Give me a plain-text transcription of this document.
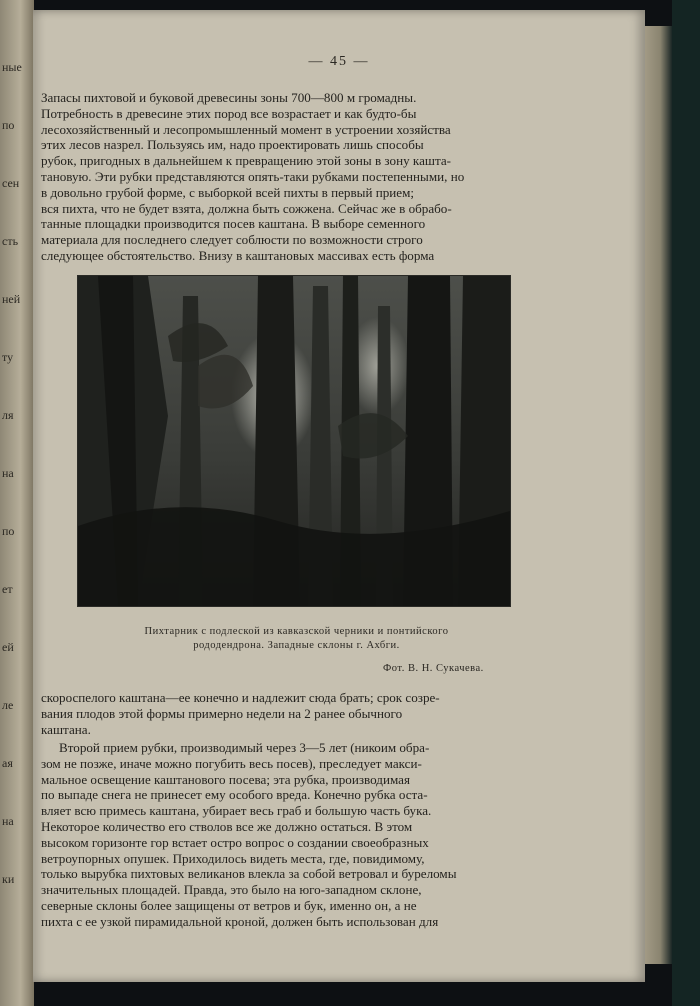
ные
по
сен
сть
ней
ту
ля
на
по
ет
ей
ле
ая
на
ки
— 45 —
Запасы пихтовой и буковой древесины зоны 700—800 м громадны.
Потребность в древесине этих пород все возрастает и как будто-бы
лесохозяйственный и лесопромышленный момент в устроении хозяйства
этих лесов назрел. Пользуясь им, надо проектировать лишь способы
рубок, пригодных в дальнейшем к превращению этой зоны в зону кашта-
тановую. Эти рубки представляются опять-таки рубками постепенными, но
в довольно грубой форме, с выборкой всей пихты в первый прием;
вся пихта, что не будет взята, должна быть сожжена. Сейчас же в обрабо-
танные площадки производится посев каштана. В выборе семенного
материала для последнего следует соблюсти по возможности строго
следующее обстоятельство. Внизу в каштановых массивах есть форма
Пихтарник с подлеской из кавказской черники и понтийского
рододендрона. Западные склоны г. Ахбги.
Фот. В. Н. Сукачева.
скороспелого каштана—ее конечно и надлежит сюда брать; срок созре-
вания плодов этой формы примерно недели на 2 ранее обычного
каштана.
Второй прием рубки, производимый через 3—5 лет (никоим обра-
зом не позже, иначе можно погубить весь посев), преследует макси-
мальное освещение каштанового посева; эта рубка, производимая
по выпаде снега не принесет ему особого вреда. Конечно рубка оста-
вляет всю примесь каштана, убирает весь граб и большую часть бука.
Некоторое количество его стволов все же должно остаться. В этом
высоком горизонте гор встает остро вопрос о создании своеобразных
ветроупорных опушек. Приходилось видеть места, где, повидимому,
только вырубка пихтовых великанов влекла за собой ветровал и буреломы
значительных площадей. Правда, это было на юго-западном склоне,
северные склоны более защищены от ветров и бук, именно он, а не
пихта с ее узкой пирамидальной кроной, должен быть использован для
